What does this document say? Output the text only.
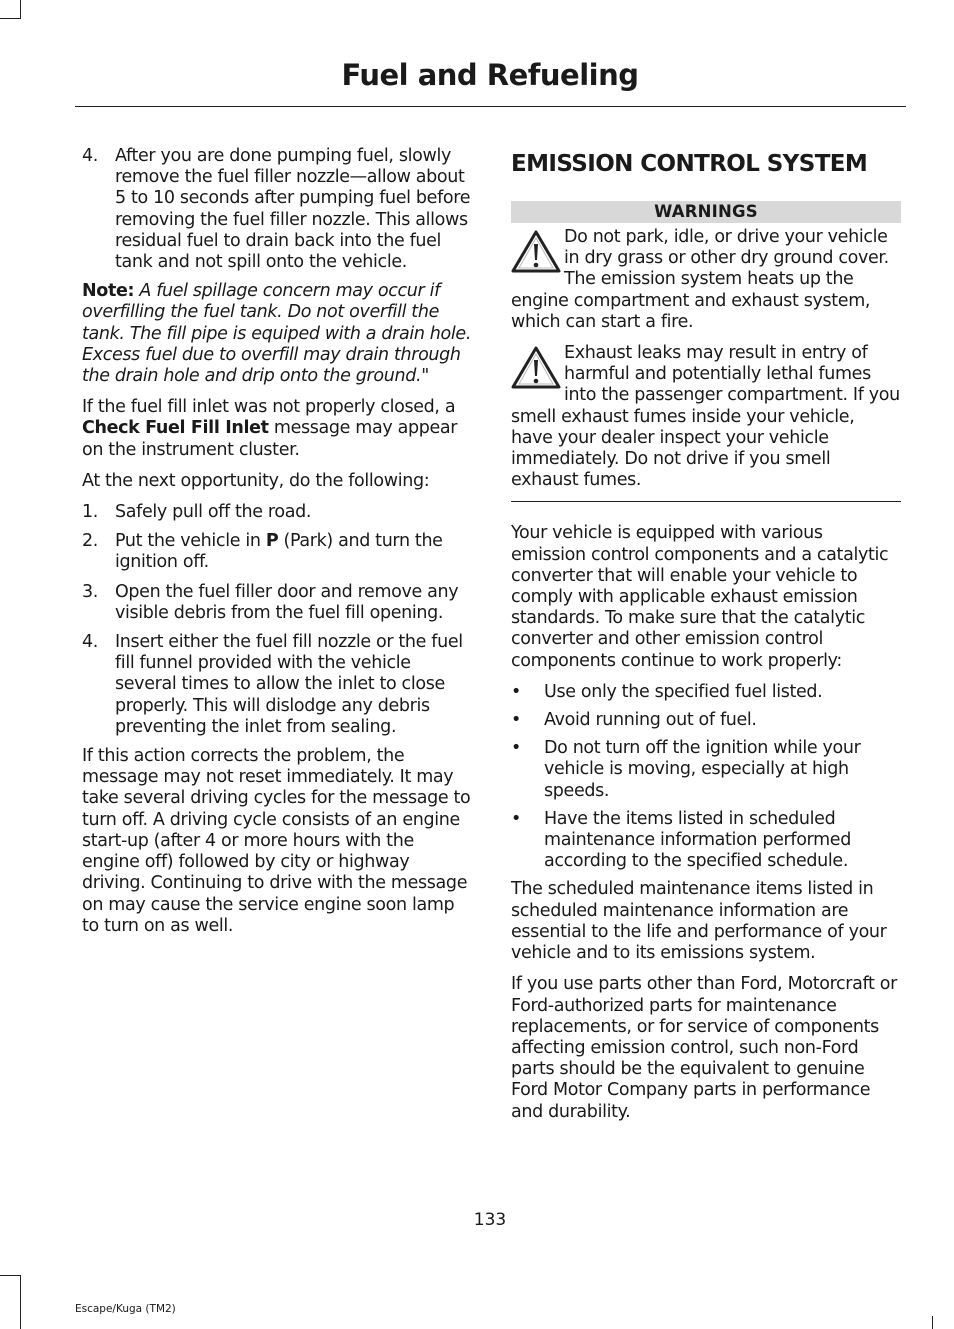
Fuel and Refueling
4. After you are done pumping fuel, slowly remove the fuel filler nozzle—allow about 5 to 10 seconds after pumping fuel before removing the fuel filler nozzle. This allows residual fuel to drain back into the fuel tank and not spill onto the vehicle.

Note: A fuel spillage concern may occur if overfilling the fuel tank. Do not overfill the tank. The fill pipe is equiped with a drain hole. Excess fuel due to overfill may drain through the drain hole and drip onto the ground."

If the fuel fill inlet was not properly closed, a Check Fuel Fill Inlet message may appear on the instrument cluster.

At the next opportunity, do the following:

1. Safely pull off the road.
2. Put the vehicle in P (Park) and turn the ignition off.
3. Open the fuel filler door and remove any visible debris from the fuel fill opening.
4. Insert either the fuel fill nozzle or the fuel fill funnel provided with the vehicle several times to allow the inlet to close properly. This will dislodge any debris preventing the inlet from sealing.

If this action corrects the problem, the message may not reset immediately. It may take several driving cycles for the message to turn off. A driving cycle consists of an engine start-up (after 4 or more hours with the engine off) followed by city or highway driving. Continuing to drive with the message on may cause the service engine soon lamp to turn on as well.

EMISSION CONTROL SYSTEM
WARNINGS
Do not park, idle, or drive your vehicle in dry grass or other dry ground cover. The emission system heats up the engine compartment and exhaust system, which can start a fire.
Exhaust leaks may result in entry of harmful and potentially lethal fumes into the passenger compartment. If you smell exhaust fumes inside your vehicle, have your dealer inspect your vehicle immediately. Do not drive if you smell exhaust fumes.

Your vehicle is equipped with various emission control components and a catalytic converter that will enable your vehicle to comply with applicable exhaust emission standards. To make sure that the catalytic converter and other emission control components continue to work properly:

• Use only the specified fuel listed.
• Avoid running out of fuel.
• Do not turn off the ignition while your vehicle is moving, especially at high speeds.
• Have the items listed in scheduled maintenance information performed according to the specified schedule.

The scheduled maintenance items listed in scheduled maintenance information are essential to the life and performance of your vehicle and to its emissions system.

If you use parts other than Ford, Motorcraft or Ford-authorized parts for maintenance replacements, or for service of components affecting emission control, such non-Ford parts should be the equivalent to genuine Ford Motor Company parts in performance and durability.

133
Escape/Kuga (TM2)
